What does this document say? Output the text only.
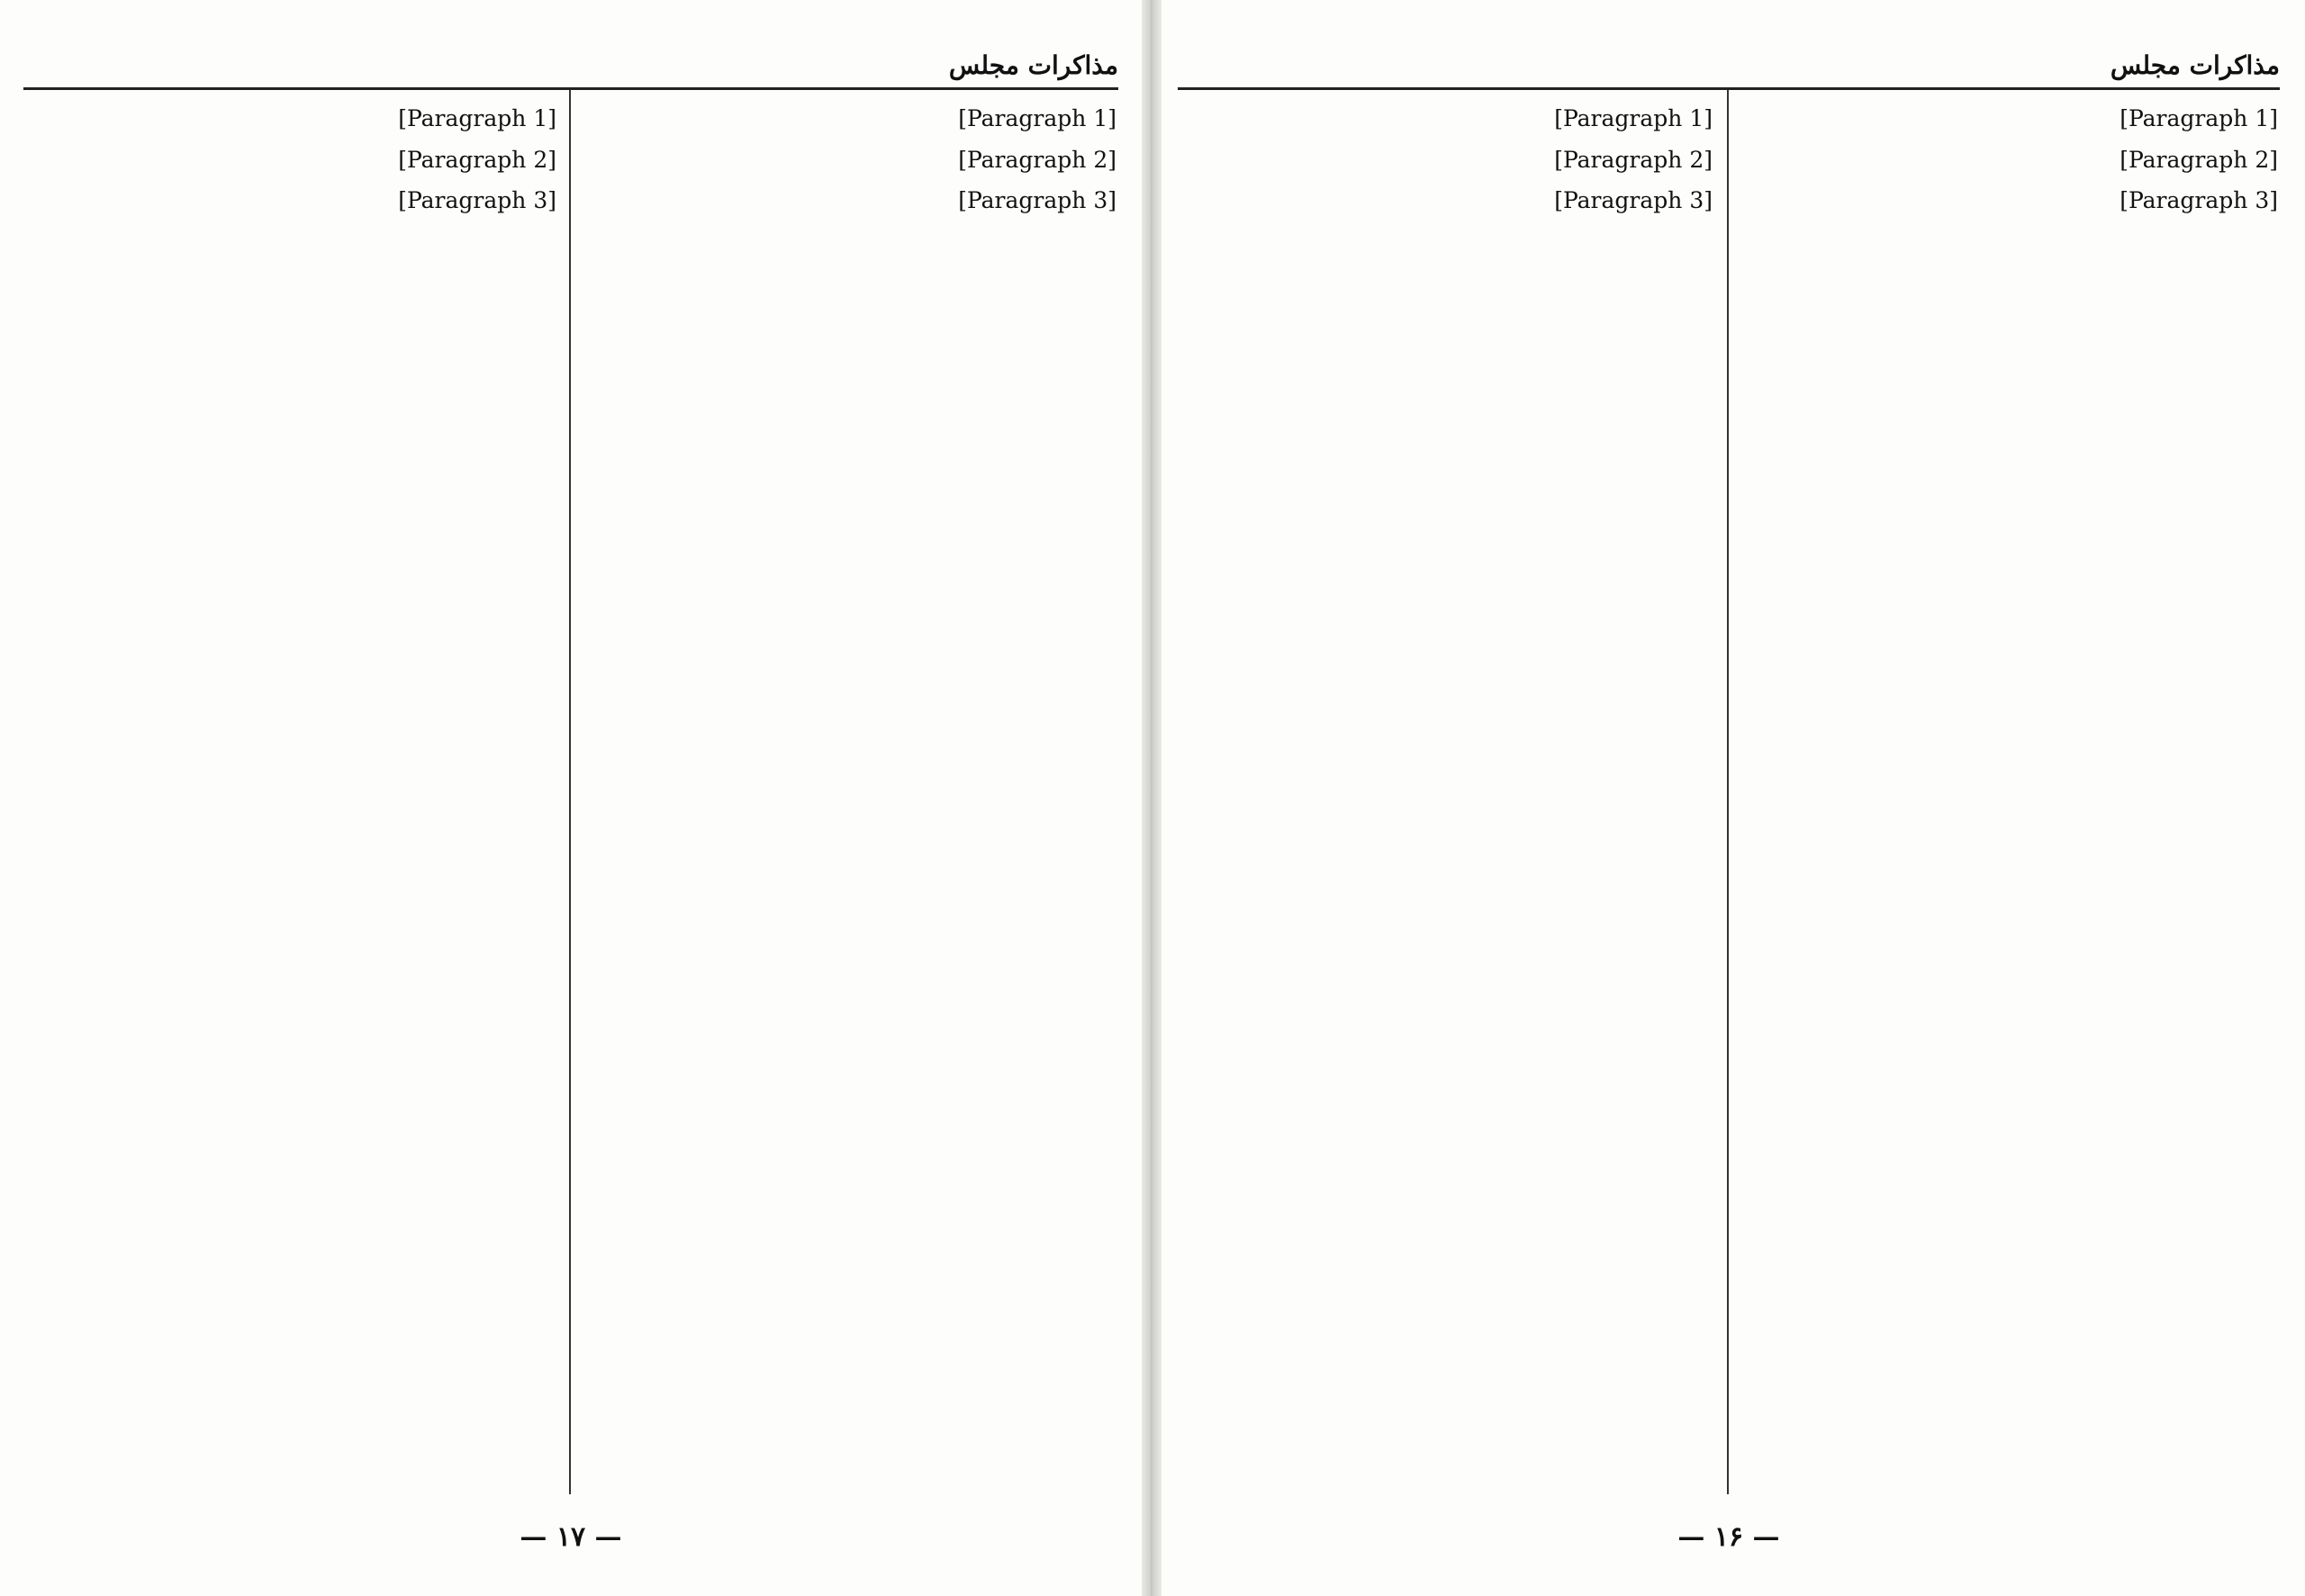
مذاکرات مجلس

[Paragraph 1]

[Paragraph 2]

[Paragraph 3]

[Paragraph 1]

[Paragraph 2]

[Paragraph 3]

— ۱۷ —
مذاکرات مجلس

[Paragraph 1]

[Paragraph 2]

[Paragraph 3]

[Paragraph 1]

[Paragraph 2]

[Paragraph 3]

— ۱۶ —
